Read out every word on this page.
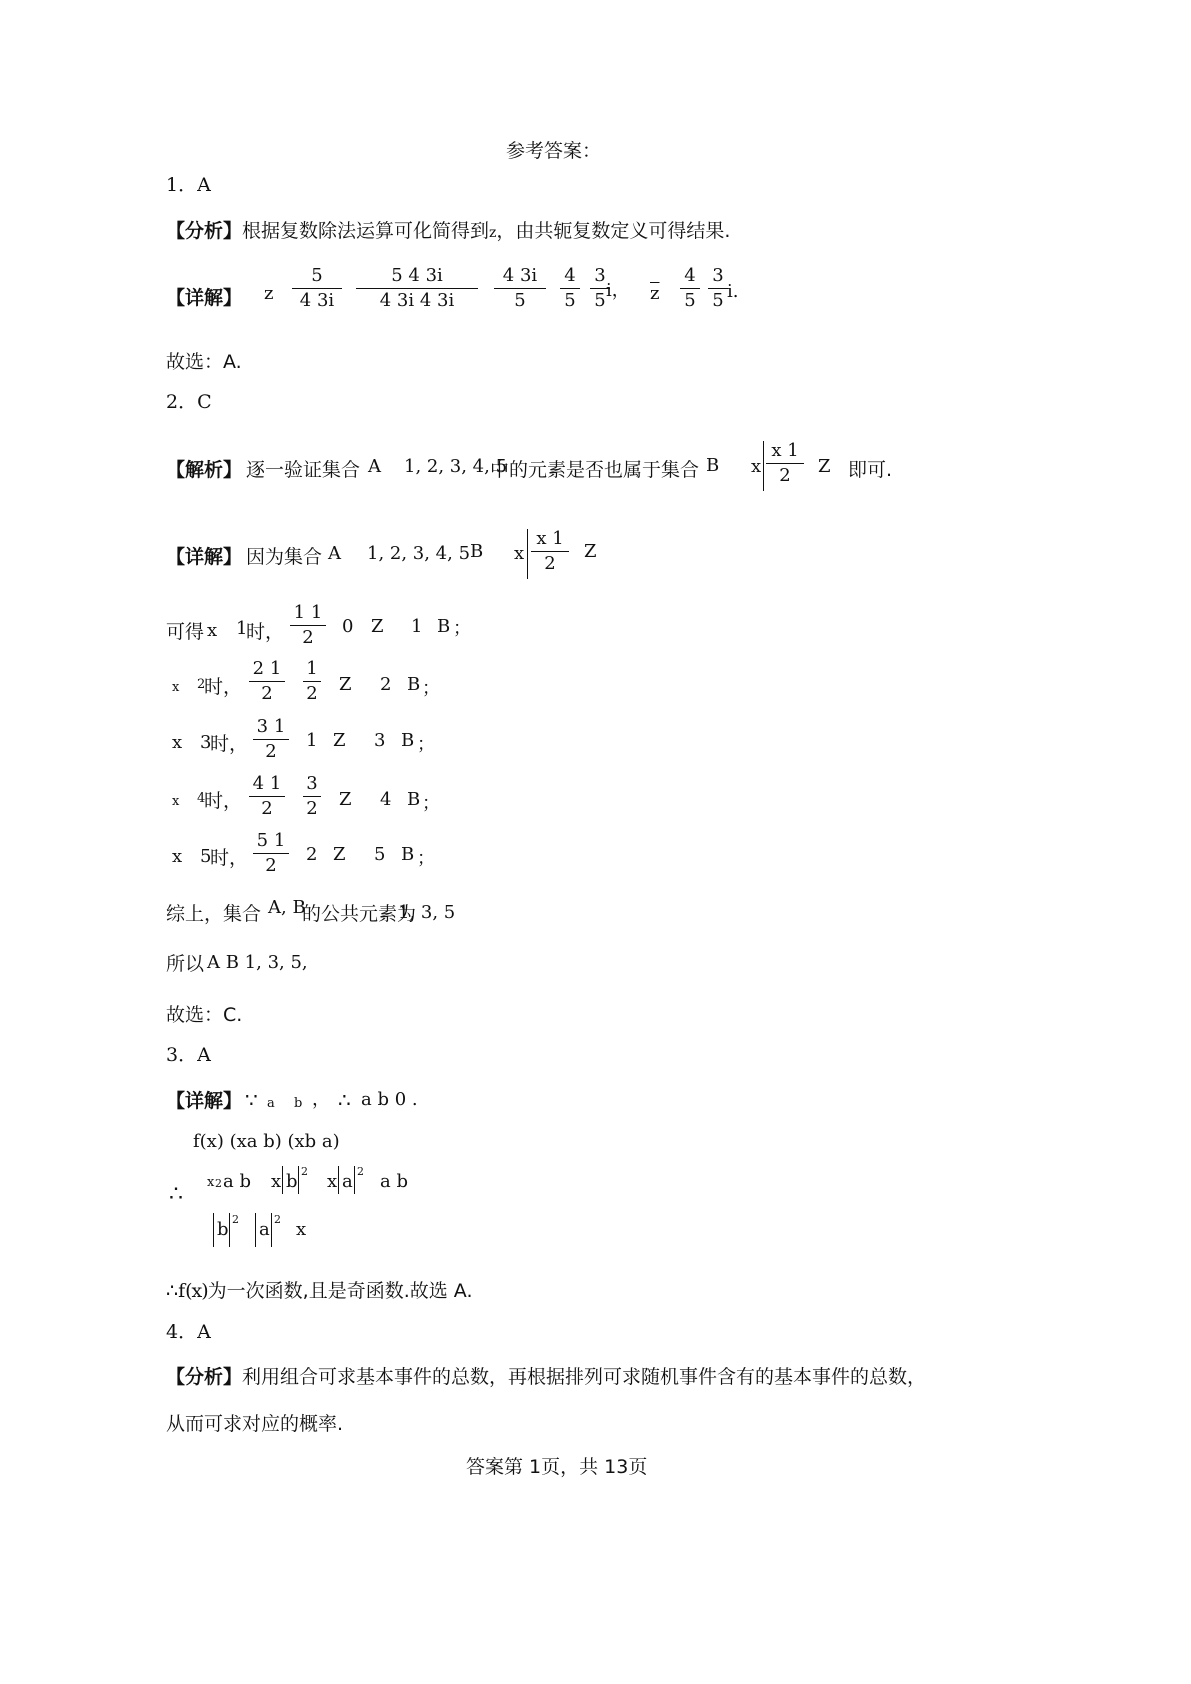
参考答案：
1．A
【分析】根据复数除法运算可化简得到z，由共轭复数定义可得结果.
【详解】 z
5
4 3i
5 4 3i
4 3i 4 3i
4 3i
5
4
5
3
5 i， $\overline{z}$
4
5
3
5 i.
故选：A.
2．C
【解析】 逐一验证集合 A 1, 2, 3, 4, 5
中的元素是否也属于集合 B x
x 1
2	Z 即可.
【详解】 因为集合 A 1, 2, 3, 4, 5 B x
x 1
2
Z
可得 x 1
时，
1 1
2
0 Z 1 B ；
x 2
时，
2 1
2
1
2 Z 2 B ；
x 3
时，
3 1
2
1 Z 3 B ；
x 4
时，
4 1
2
3
2 Z 4 B ；
x 5
时，
5 1
2
2 Z 5 B ；
综上，集合 A, B
的公共元素为
1, 3, 5
所以 A B 1, 3, 5,
故选：C.
3．A
【详解】 ∵ a b ， ∴ a b 0 .
f(x) (xa b) (xb a)
∴ x 2 a b x b 2 x a 2 a b
b 2 a 2 x
∴f(x)为一次函数,且是奇函数.故选 A.
4．A
【分析】利用组合可求基本事件的总数，再根据排列可求随机事件含有的基本事件的总数，
从而可求对应的概率.
答案第 1页，共 13页
